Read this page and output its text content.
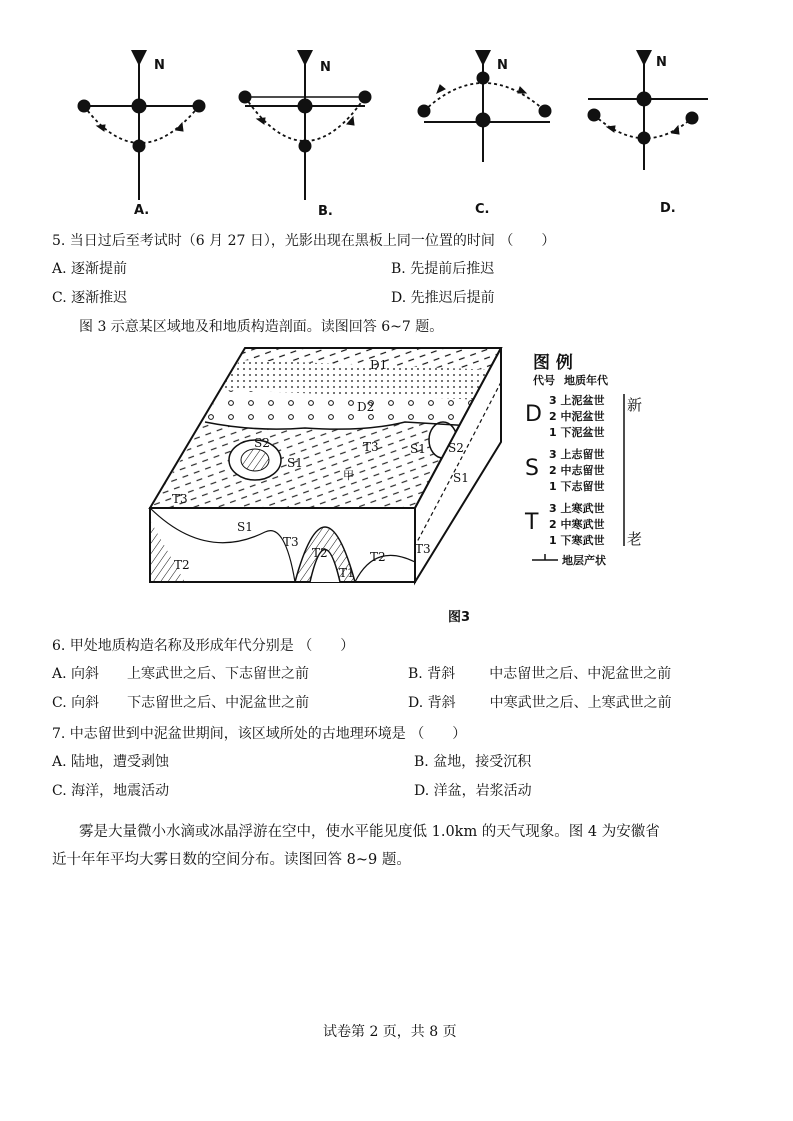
N	N	N	N
A.	B.	C.	D.
5. 当日过后至考试时（6 月 27 日），光影出现在黑板上同一位置的时间 （　　）
A. 逐渐提前	B. 先提前后推迟
C. 逐渐推迟	D. 先推迟后提前
图 3 示意某区域地及和地质构造剖面。读图回答 6~7 题。
D1
D2
S2
S1
T3	S1 S2
S1
T3
S1
T3
T2
T2
T1
T2
T3
甲
图 例
代号 地质年代
D
3 上泥盆世
2 中泥盆世
1 下泥盆世
S
3 上志留世
2 中志留世
1 下志留世
T
3 上寒武世
2 中寒武世
1 下寒武世
新
老
地层产状
图3
6. 甲处地质构造名称及形成年代分别是 （　　）
A. 向斜 上寒武世之后、下志留世之前	B. 背斜 中志留世之后、中泥盆世之前
C. 向斜 下志留世之后、中泥盆世之前	D. 背斜 中寒武世之后、上寒武世之前
7. 中志留世到中泥盆世期间，该区域所处的古地理环境是 （　　）
A. 陆地，遭受剥蚀	B. 盆地，接受沉积
C. 海洋，地震活动	D. 洋盆，岩浆活动
雾是大量微小水滴或冰晶浮游在空中，使水平能见度低 1.0km 的天气现象。图 4 为安徽省
近十年年平均大雾日数的空间分布。读图回答 8~9 题。
试卷第 2 页，共 8 页
